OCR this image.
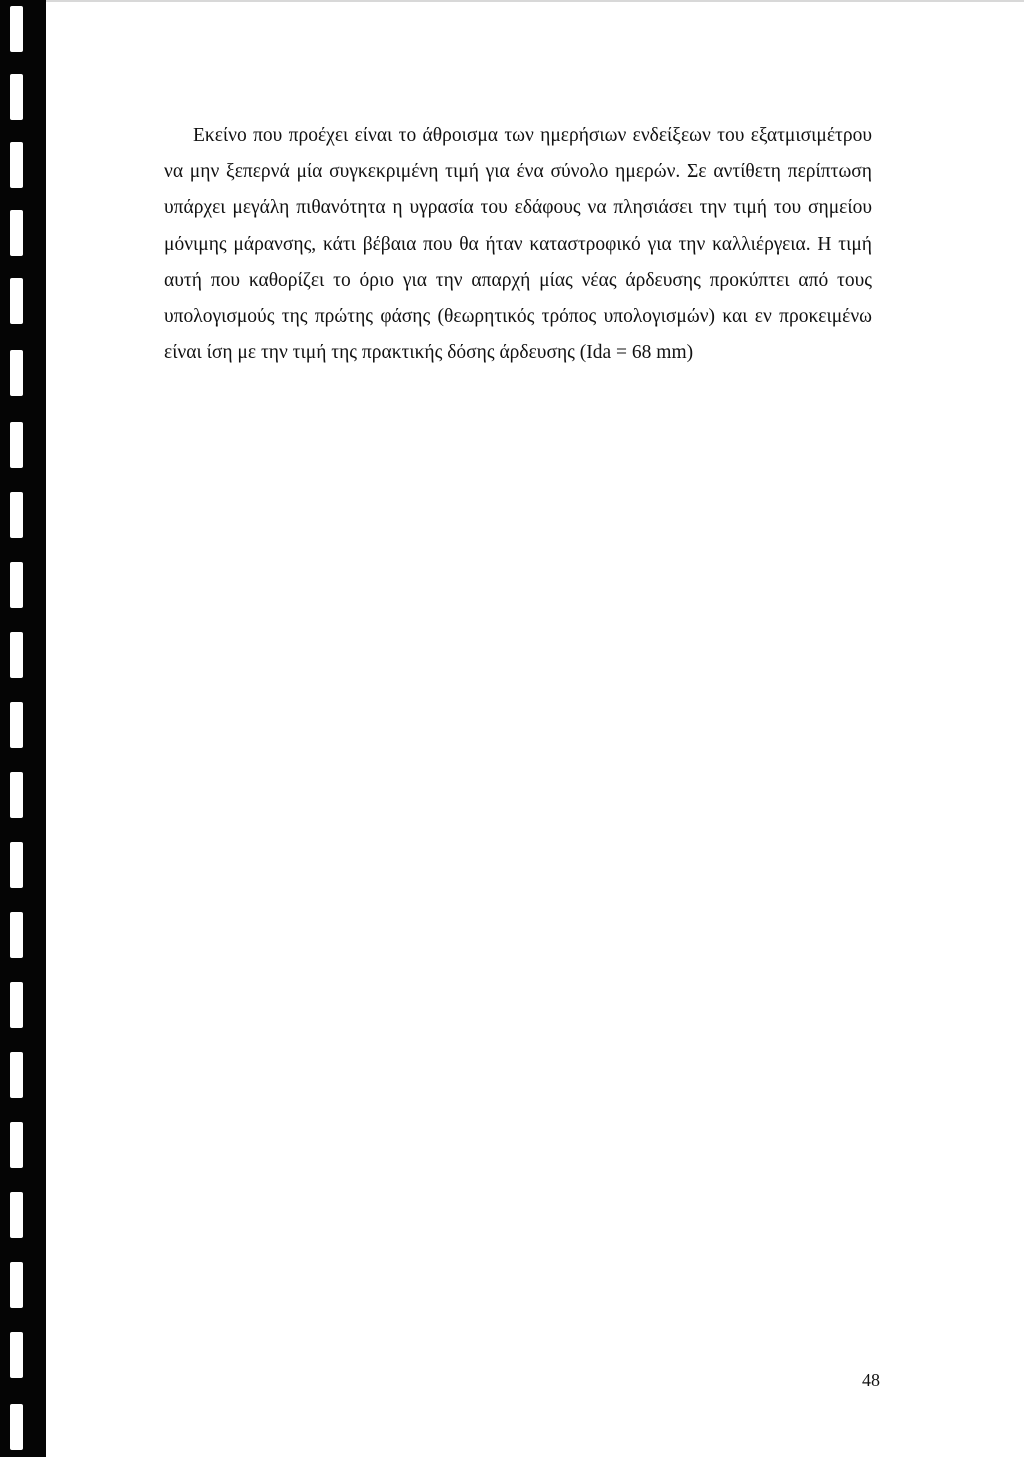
Εκείνο που προέχει είναι το άθροισμα των ημερήσιων ενδείξεων του εξατμισιμέτρου να μην ξεπερνά μία συγκεκριμένη τιμή για ένα σύνολο ημερών. Σε αντίθετη περίπτωση υπάρχει μεγάλη πιθανότητα η υγρασία του εδάφους να πλησιάσει την τιμή του σημείου μόνιμης μάρανσης, κάτι βέβαια που θα ήταν καταστροφικό για την καλλιέργεια. Η τιμή αυτή που καθορίζει το όριο για την απαρχή μίας νέας άρδευσης προκύπτει από τους υπολογισμούς της πρώτης φάσης (θεωρητικός τρόπος υπολογισμών) και εν προκειμένω είναι ίση με την τιμή της πρακτικής δόσης άρδευσης (Ida = 68 mm)

48
